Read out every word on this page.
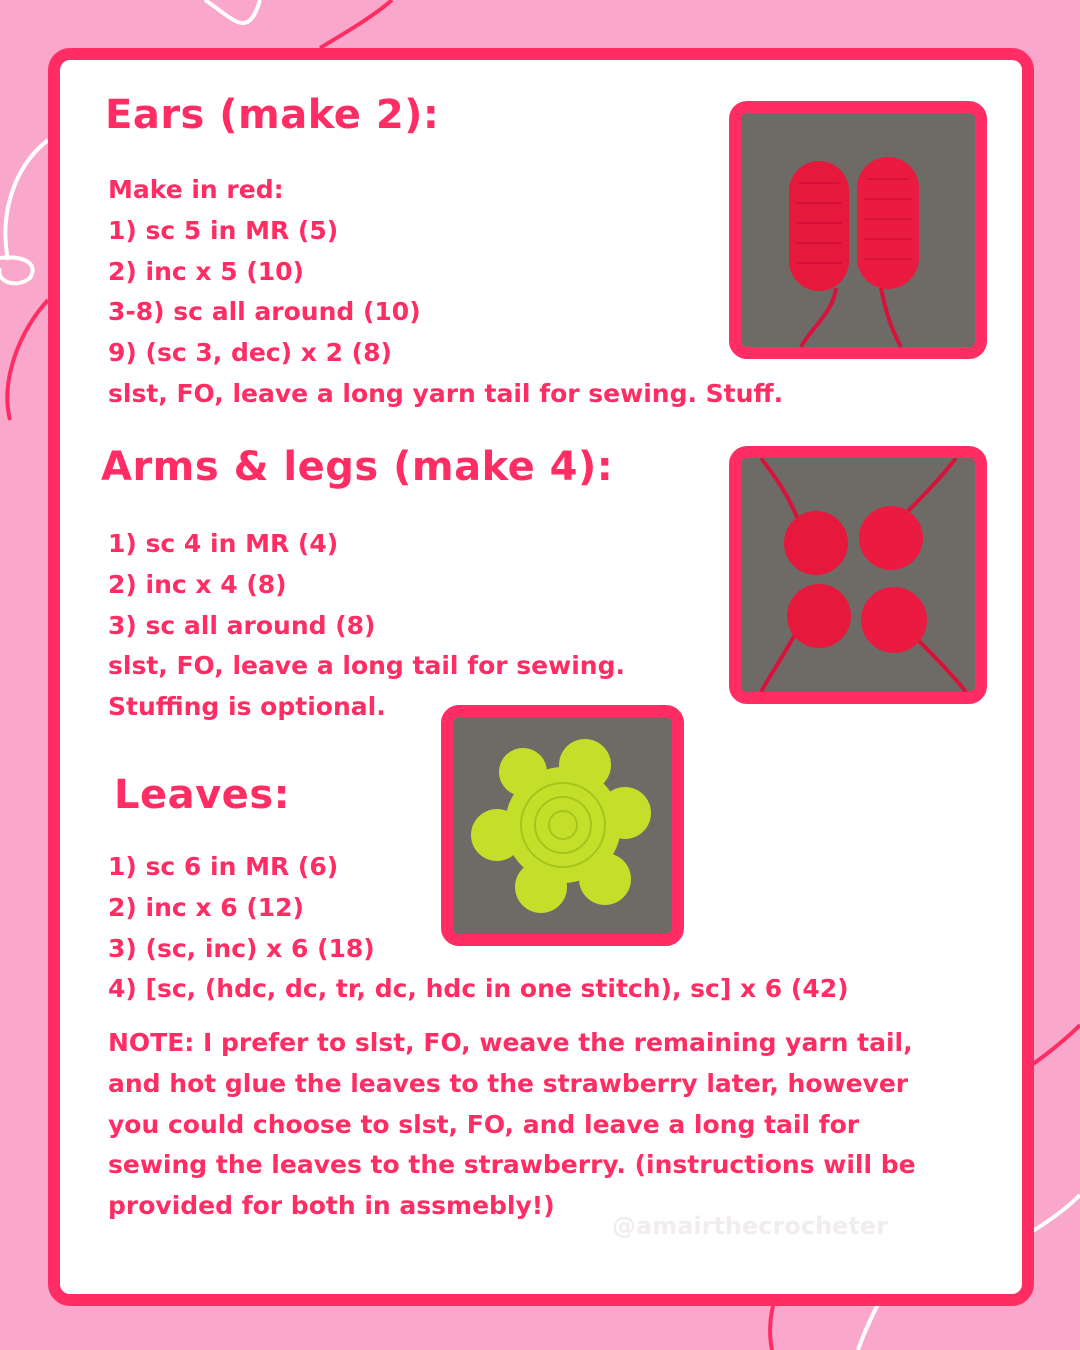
Ears (make 2):
Make in red:
1) sc 5 in MR (5)
2) inc x 5 (10)
3-8) sc all around (10)
9) (sc 3, dec) x 2 (8)
slst, FO, leave a long yarn tail for sewing. Stuff.
Arms & legs (make 4):
1) sc 4 in MR (4)
2) inc x 4 (8)
3) sc all around (8)
slst, FO, leave a long tail for sewing.
Stuffing is optional.
Leaves:
1) sc 6 in MR (6)
2) inc x 6 (12)
3) (sc, inc) x 6 (18)
4) [sc, (hdc, dc, tr, dc, hdc in one stitch), sc] x 6 (42)

NOTE: I prefer to slst, FO, weave the remaining yarn tail, and hot glue the leaves to the strawberry later, however you could choose to slst, FO, and leave a long tail for sewing the leaves to the strawberry. (instructions will be provided for both in assmebly!)

@amairthecrocheter
